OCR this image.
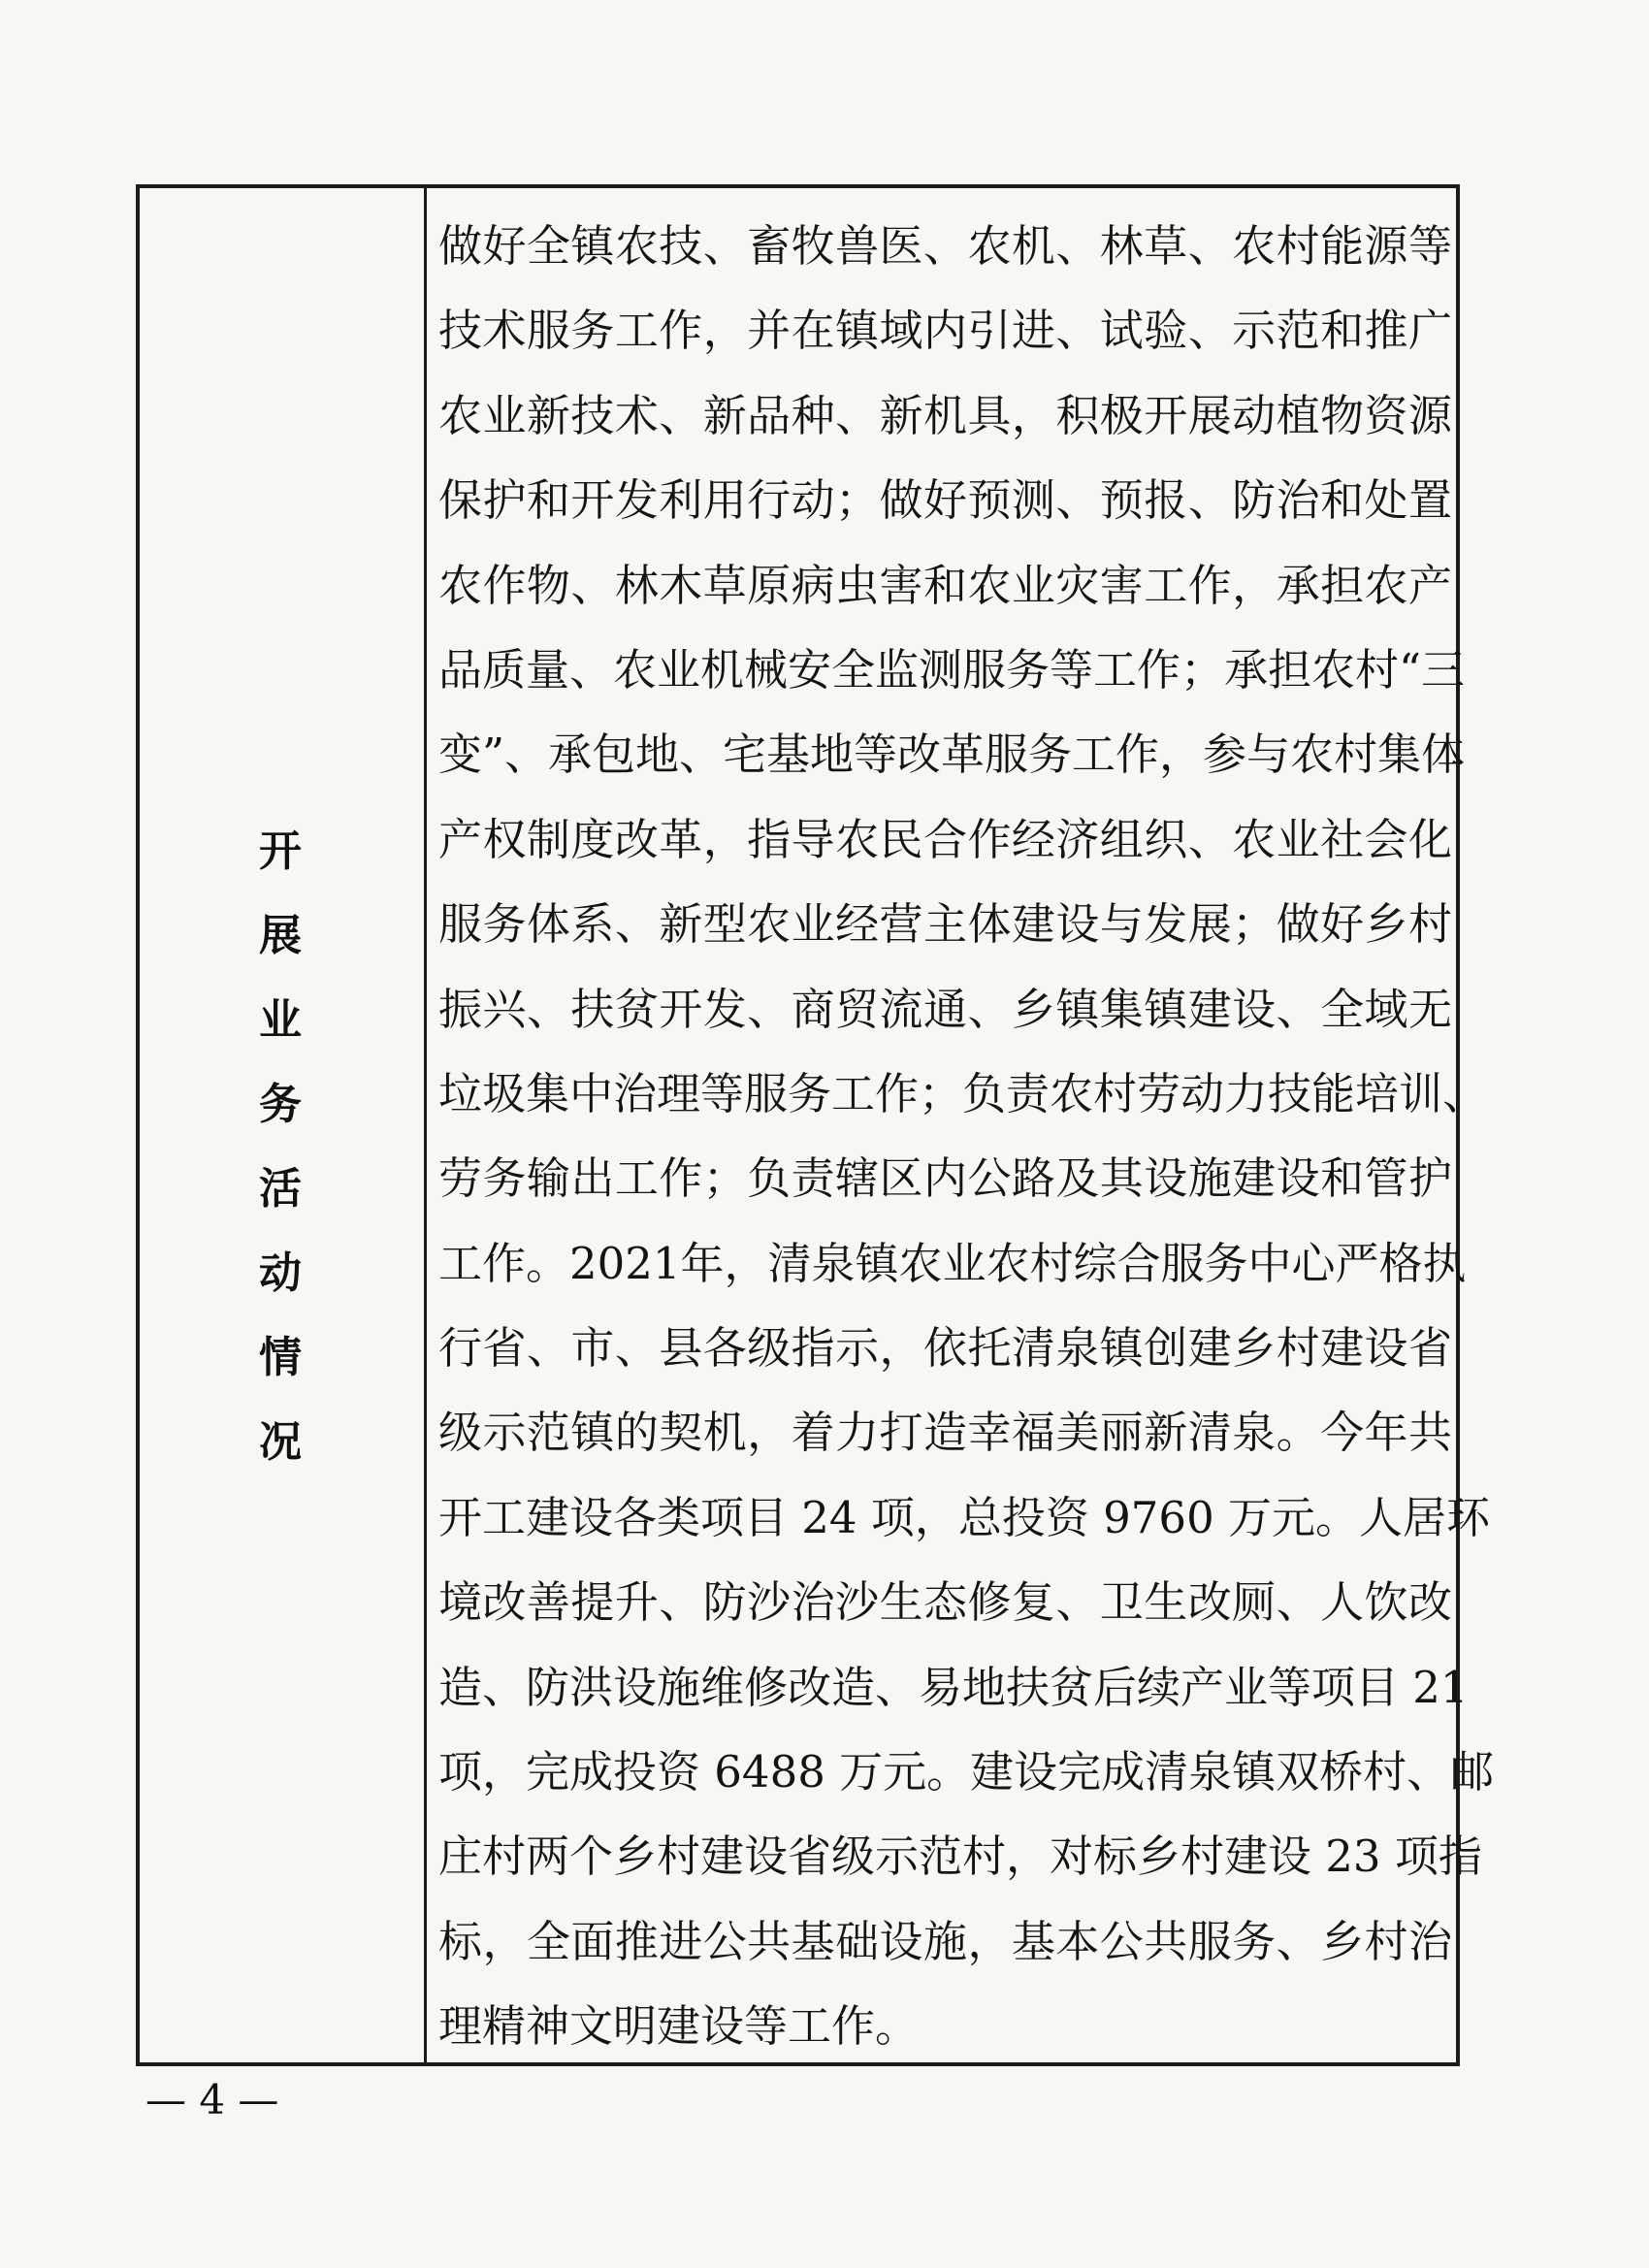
开
展
业
务
活
动
情
况
做好全镇农技、畜牧兽医、农机、林草、农村能源等
技术服务工作，并在镇域内引进、试验、示范和推广
农业新技术、新品种、新机具，积极开展动植物资源
保护和开发利用行动；做好预测、预报、防治和处置
农作物、林木草原病虫害和农业灾害工作，承担农产
品质量、农业机械安全监测服务等工作；承担农村“三
变”、承包地、宅基地等改革服务工作，参与农村集体
产权制度改革，指导农民合作经济组织、农业社会化
服务体系、新型农业经营主体建设与发展；做好乡村
振兴、扶贫开发、商贸流通、乡镇集镇建设、全域无
垃圾集中治理等服务工作；负责农村劳动力技能培训、
劳务输出工作；负责辖区内公路及其设施建设和管护
工作。2021年，清泉镇农业农村综合服务中心严格执
行省、市、县各级指示，依托清泉镇创建乡村建设省
级示范镇的契机，着力打造幸福美丽新清泉。今年共
开工建设各类项目 24 项，总投资 9760 万元。人居环
境改善提升、防沙治沙生态修复、卫生改厕、人饮改
造、防洪设施维修改造、易地扶贫后续产业等项目 21
项，完成投资 6488 万元。建设完成清泉镇双桥村、邮
庄村两个乡村建设省级示范村，对标乡村建设 23 项指
标，全面推进公共基础设施，基本公共服务、乡村治
理精神文明建设等工作。
— 4 —
